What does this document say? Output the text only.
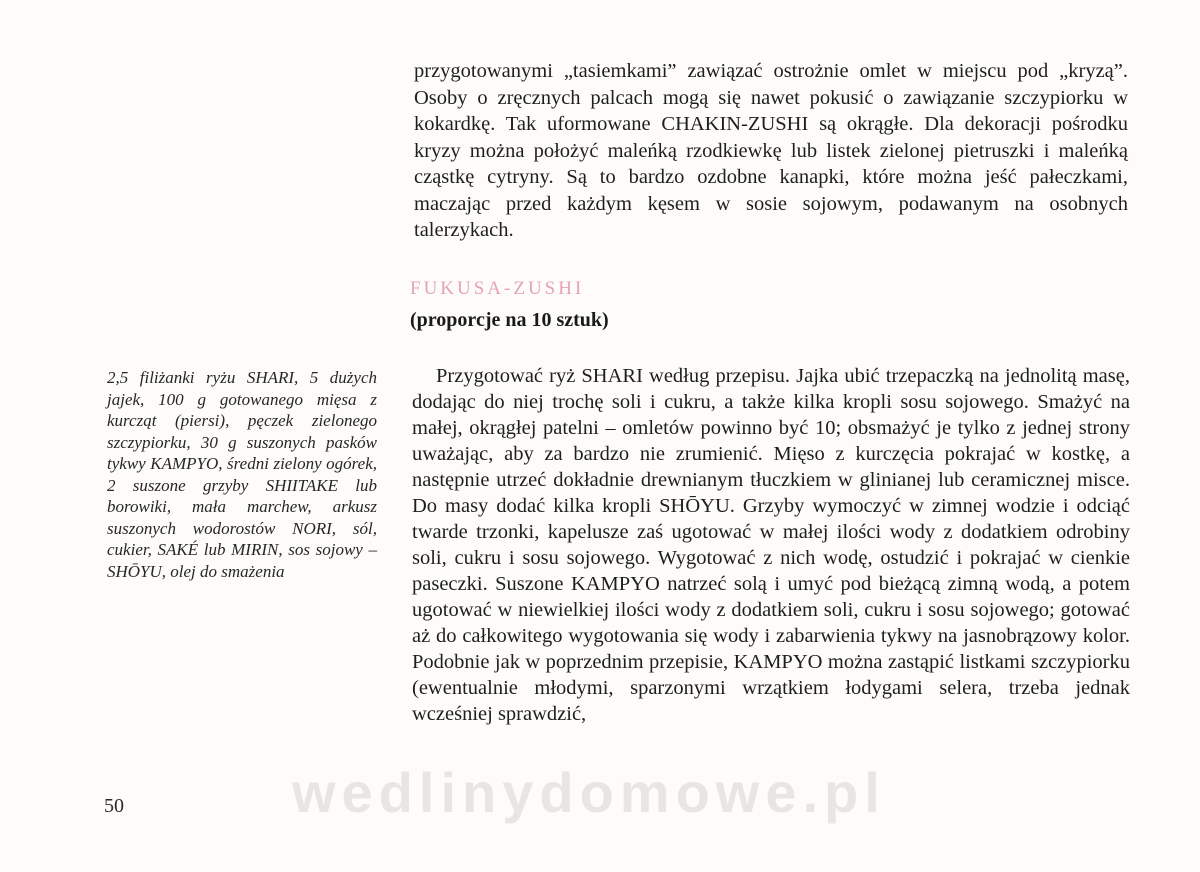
przygotowanymi „tasiemkami” zawiązać ostrożnie omlet w miejscu pod „kryzą”. Osoby o zręcznych palcach mogą się nawet pokusić o zawiązanie szczypiorku w kokardkę. Tak uformowane CHAKIN-ZUSHI są okrągłe. Dla dekoracji pośrodku kryzy można położyć maleńką rzodkiewkę lub listek zielonej pietruszki i maleńką cząstkę cytryny. Są to bardzo ozdobne kanapki, które można jeść pałeczkami, maczając przed każdym kęsem w sosie sojowym, podawanym na osobnych talerzykach.

FUKUSA-ZUSHI
(proporcje na 10 sztuk)

2,5 filiżanki ryżu SHARI, 5 dużych jajek, 100 g gotowanego mięsa z kurcząt (piersi), pęczek zielonego szczypiorku, 30 g suszonych pasków tykwy KAMPYO, średni zielony ogórek, 2 suszone grzyby SHIITAKE lub borowiki, mała marchew, arkusz suszonych wodorostów NORI, sól, cukier, SAKÉ lub MIRIN, sos sojowy – SHŌYU, olej do smażenia

Przygotować ryż SHARI według przepisu. Jajka ubić trzepaczką na jednolitą masę, dodając do niej trochę soli i cukru, a także kilka kropli sosu sojowego. Smażyć na małej, okrągłej patelni – omletów powinno być 10; obsmażyć je tylko z jednej strony uważając, aby za bardzo nie zrumienić. Mięso z kurczęcia pokrajać w kostkę, a następnie utrzeć dokładnie drewnianym tłuczkiem w glinianej lub ceramicznej misce. Do masy dodać kilka kropli SHŌYU. Grzyby wymoczyć w zimnej wodzie i odciąć twarde trzonki, kapelusze zaś ugotować w małej ilości wody z dodatkiem odrobiny soli, cukru i sosu sojowego. Wygotować z nich wodę, ostudzić i pokrajać w cienkie paseczki. Suszone KAMPYO natrzeć solą i umyć pod bieżącą zimną wodą, a potem ugotować w niewielkiej ilości wody z dodatkiem soli, cukru i sosu sojowego; gotować aż do całkowitego wygotowania się wody i zabarwienia tykwy na jasnobrązowy kolor. Podobnie jak w poprzednim przepisie, KAMPYO można zastąpić listkami szczypiorku (ewentualnie młodymi, sparzonymi wrzątkiem łodygami selera, trzeba jednak wcześniej sprawdzić,

50	wedlinydomowe.pl
